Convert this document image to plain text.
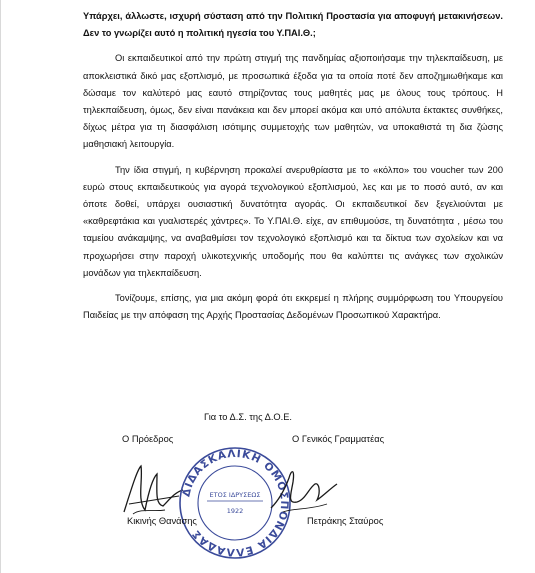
Υπάρχει, άλλωστε, ισχυρή σύσταση από την Πολιτική Προστασία για αποφυγή μετακινήσεων. Δεν το γνωρίζει αυτό η πολιτική ηγεσία του Υ.ΠΑΙ.Θ.;

Οι εκπαιδευτικοί από την πρώτη στιγμή της πανδημίας αξιοποιήσαμε την τηλεκπαίδευση, με αποκλειστικά δικό μας εξοπλισμό, με προσωπικά έξοδα για τα οποία ποτέ δεν αποζημιωθήκαμε και δώσαμε τον καλύτερό μας εαυτό στηρίζοντας τους μαθητές μας με όλους τους τρόπους. Η τηλεκπαίδευση, όμως, δεν είναι πανάκεια και δεν μπορεί ακόμα και υπό απόλυτα έκτακτες συνθήκες, δίχως μέτρα για τη διασφάλιση ισότιμης συμμετοχής των μαθητών, να υποκαθιστά τη δια ζώσης μαθησιακή λειτουργία.

Την ίδια στιγμή, η κυβέρνηση προκαλεί ανερυθρίαστα με το «κόλπο» του voucher των 200 ευρώ στους εκπαιδευτικούς για αγορά τεχνολογικού εξοπλισμού, λες και με το ποσό αυτό, αν και όποτε δοθεί, υπάρχει ουσιαστική δυνατότητα αγοράς. Οι εκπαιδευτικοί δεν ξεγελιούνται με «καθρεφτάκια και γυαλιστερές χάντρες». Το Υ.ΠΑΙ.Θ. είχε, αν επιθυμούσε, τη δυνατότητα , μέσω του ταμείου ανάκαμψης, να αναβαθμίσει τον τεχνολογικό εξοπλισμό και τα δίκτυα των σχολείων και να προχωρήσει στην παροχή υλικοτεχνικής υποδομής που θα καλύπτει τις ανάγκες των σχολικών μονάδων για τηλεκπαίδευση.

Τονίζουμε, επίσης, για μια ακόμη φορά ότι εκκρεμεί η πλήρης συμμόρφωση του Υπουργείου Παιδείας με την απόφαση της Αρχής Προστασίας Δεδομένων Προσωπικού Χαρακτήρα.

Για το Δ.Σ. της Δ.Ο.Ε.
Ο Πρόεδρος	Ο Γενικός Γραμματέας
ΔΙΔΑΣΚΑΛΙΚΗ ΟΜΟΣΠΟΝΔΙΑ ΕΛΛΑΔΑΣ
ΕΤΟΣ ΙΔΡΥΣΕΩΣ
1922
Κικινής Θανάσης	Πετράκης Σταύρος
